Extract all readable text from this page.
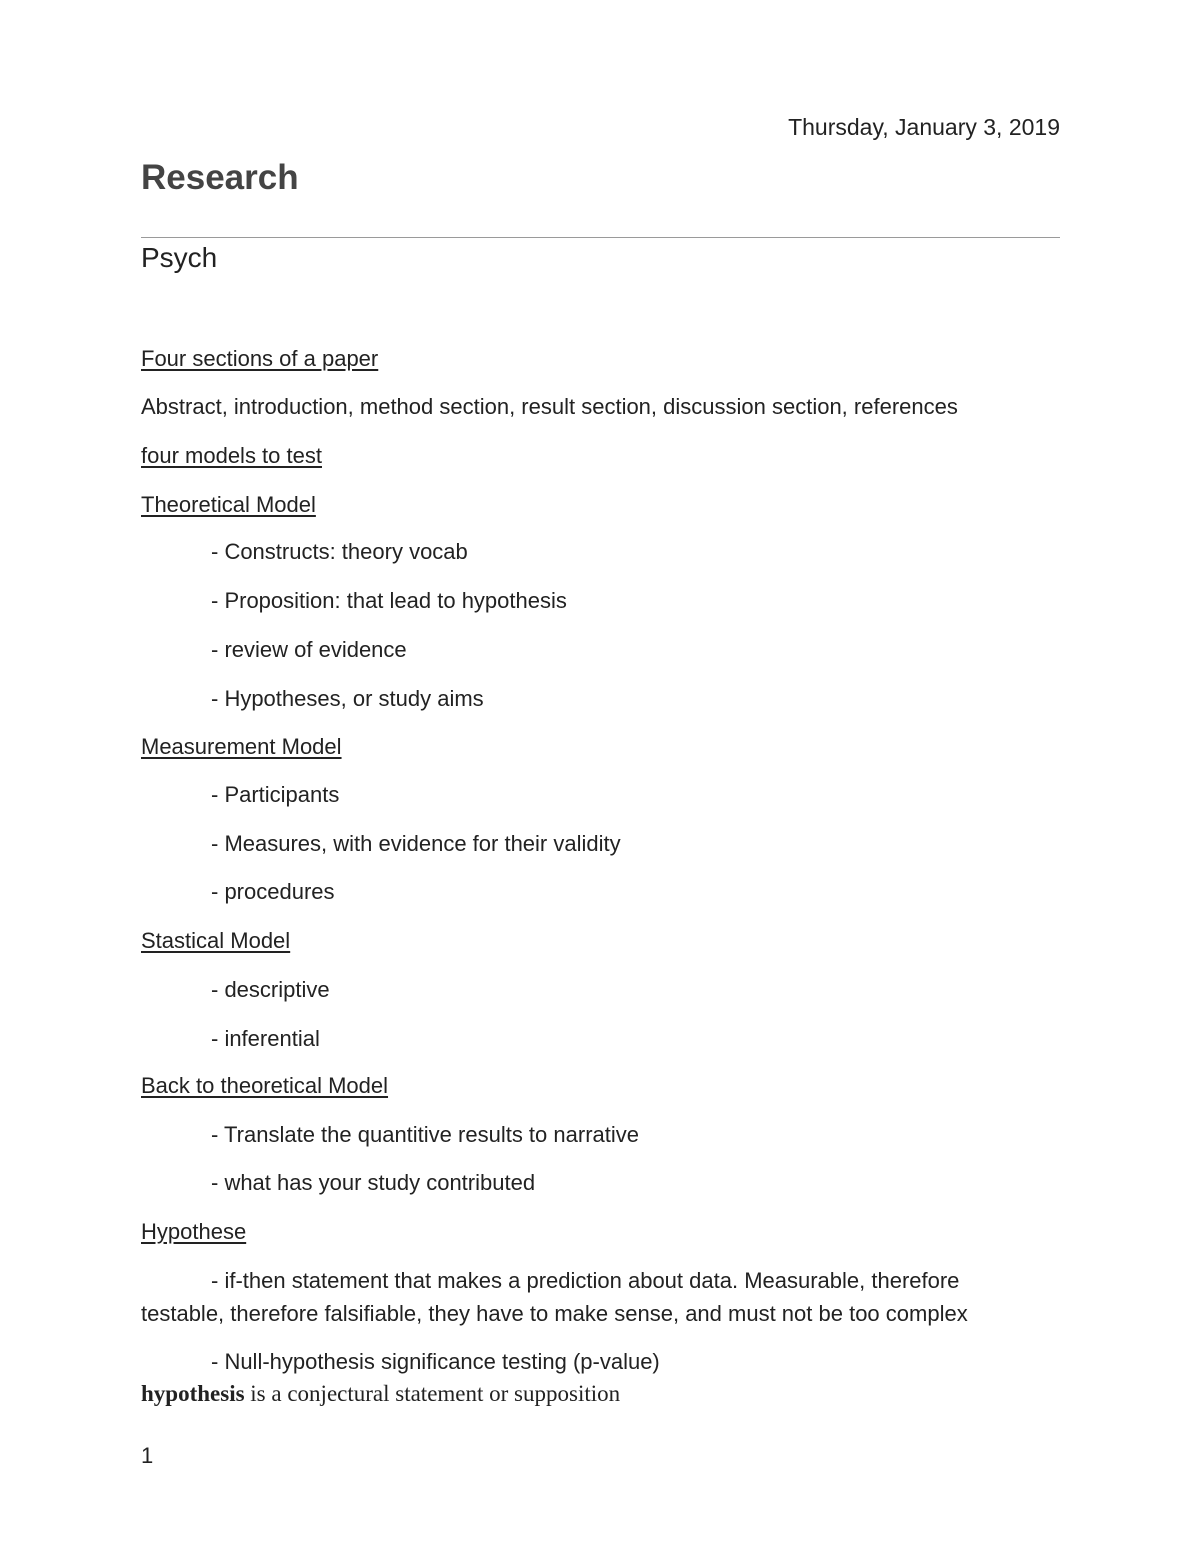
Thursday, January 3, 2019
Research
Psych
Four sections of a paper
Abstract, introduction, method section, result section, discussion section, references
four models to test
Theoretical Model
- Constructs: theory vocab
- Proposition: that lead to hypothesis
- review of evidence
- Hypotheses, or study aims
Measurement Model
- Participants
- Measures, with evidence for their validity
- procedures
Stastical Model
- descriptive
- inferential
Back to theoretical Model
- Translate the quantitive results to narrative
- what has your study contributed
Hypothese
- if-then statement that makes a prediction about data. Measurable, therefore testable, therefore falsifiable, they have to make sense, and must not be too complex
- Null-hypothesis significance testing (p-value)
hypothesis is a conjectural statement or supposition
1
